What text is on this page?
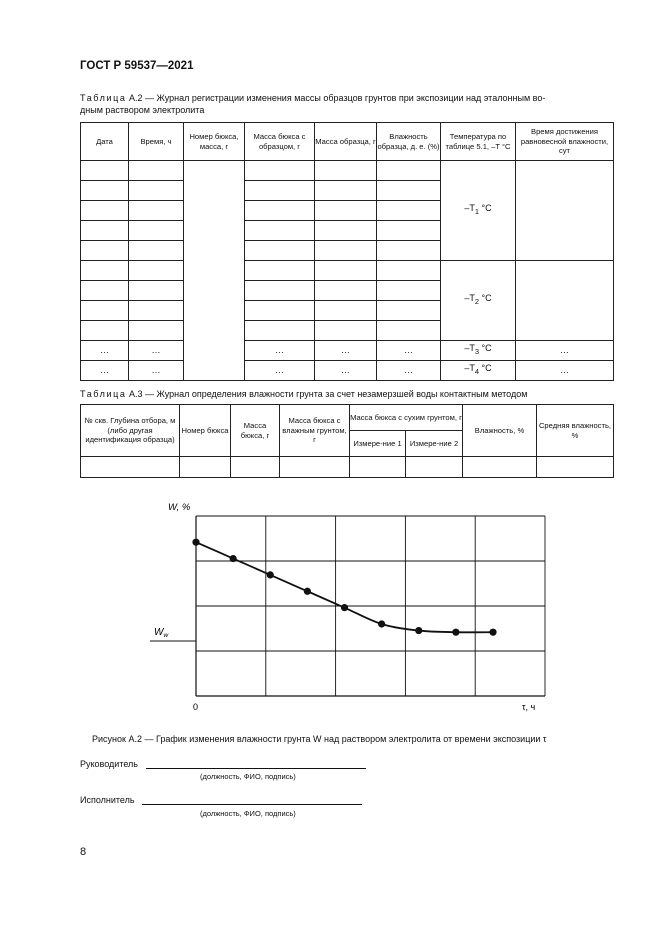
ГОСТ Р 59537—2021
Таблица А.2 — Журнал регистрации изменения массы образцов грунтов при экспозиции над эталонным во-
дным раствором электролита
Дата	Время, ч	Номер бюкса, масса, г	Масса бюкса с образцом, г	Масса образца, г	Влажность образца, д. е. (%)	Температура по таблице 5.1, –T °C	Время достижения равновесной влажности, сут
						$-T_1$ °C	

						$-T_2$ °C	

…	…		…	…	…	$-T_3$ °C	…
…	…		…	…	…	$-T_4$ °C	…
Таблица А.3 — Журнал определения влажности грунта за счет незамерзшей воды контактным методом
№ скв. Глубина отбора, м (либо другая идентификация образца)	Номер бюкса	Масса бюкса, г	Масса бюкса с влажным грунтом, г	Масса бюкса с сухим грунтом, г		Влажность, %	Средняя влажность, %
				Измере-ние 1	Измере-ние 2		

W, %
$W_w$
0	τ, ч
Рисунок А.2 — График изменения влажности грунта W над раствором электролита от времени экспозиции τ
Руководитель
(должность, ФИО, подпись)
Исполнитель
(должность, ФИО, подпись)
8
